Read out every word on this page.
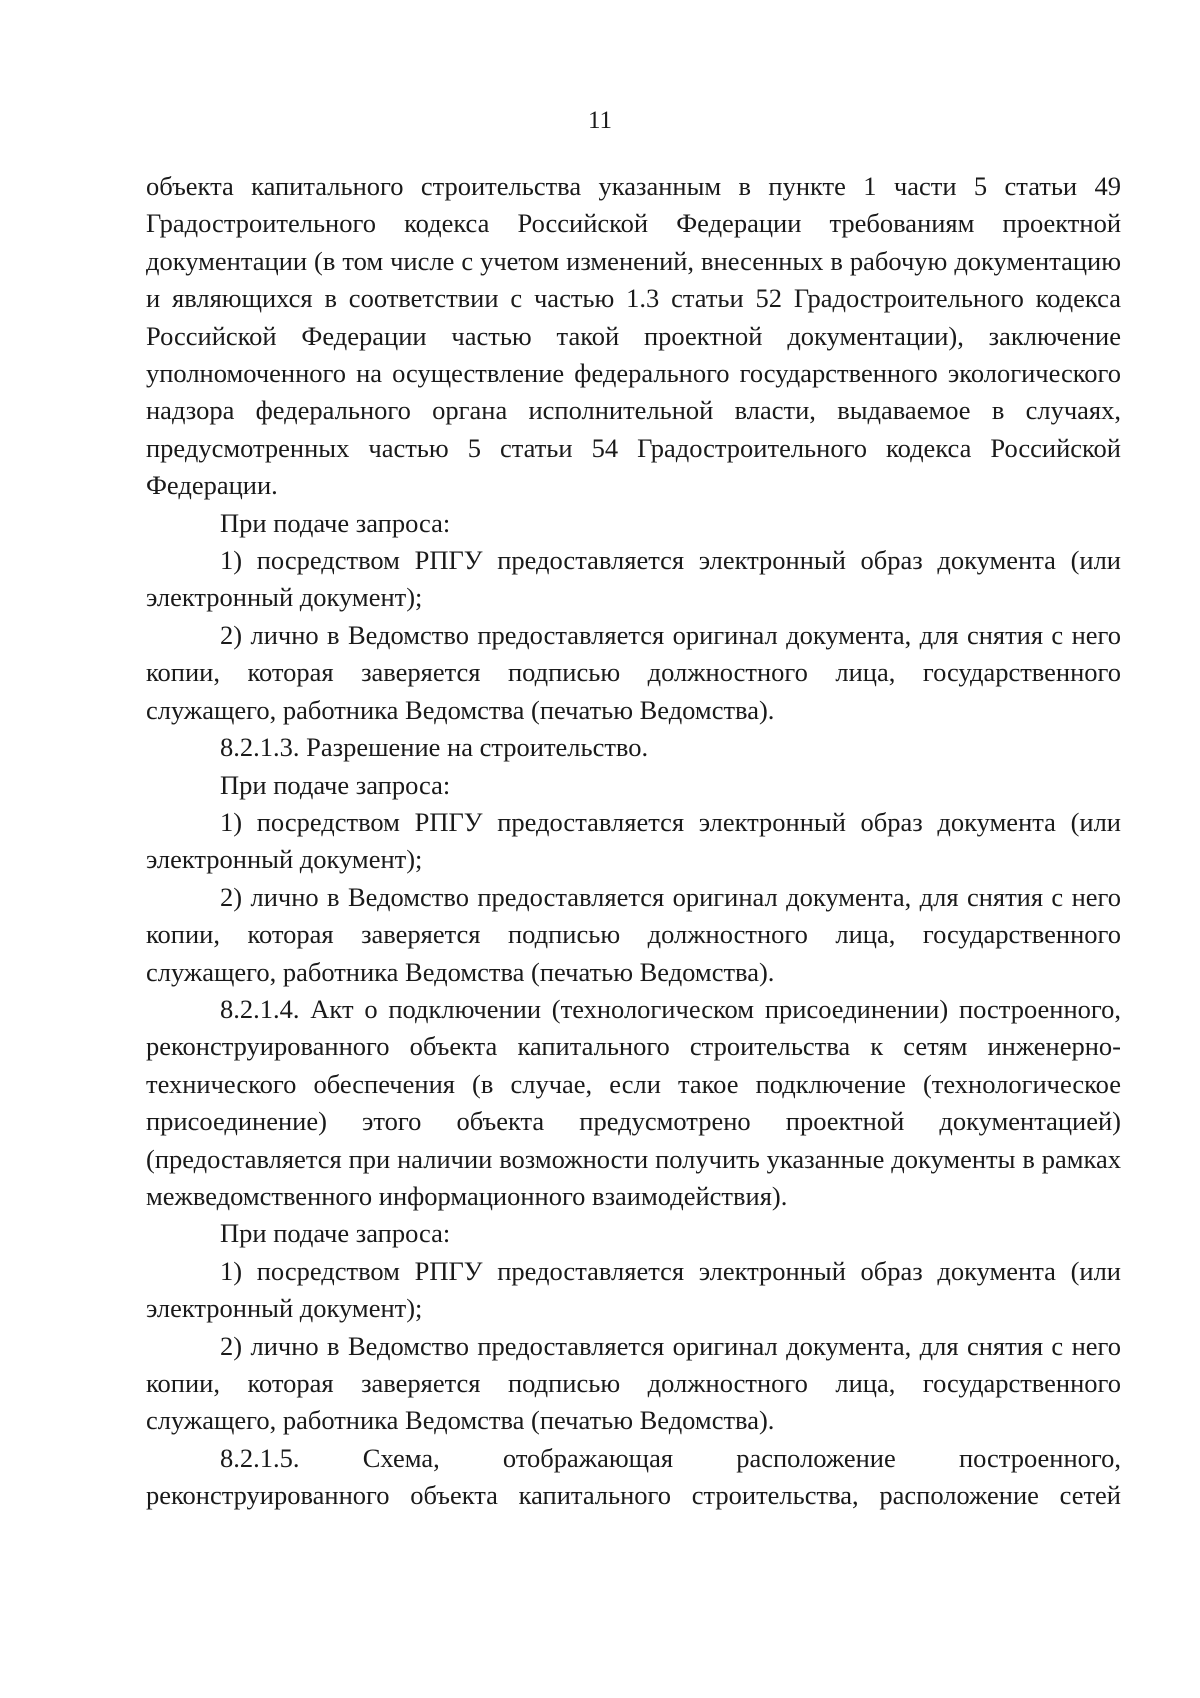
11

объекта капитального строительства указанным в пункте 1 части 5 статьи 49 Градостроительного кодекса Российской Федерации требованиям проектной документации (в том числе с учетом изменений, внесенных в рабочую документацию и являющихся в соответствии с частью 1.3 статьи 52 Градостроительного кодекса Российской Федерации частью такой проектной документации), заключение уполномоченного на осуществление федерального государственного экологического надзора федерального органа исполнительной власти, выдаваемое в случаях, предусмотренных частью 5 статьи 54 Градостроительного кодекса Российской Федерации.

При подаче запроса:

1) посредством РПГУ предоставляется электронный образ документа (или электронный документ);

2) лично в Ведомство предоставляется оригинал документа, для снятия с него копии, которая заверяется подписью должностного лица, государственного служащего, работника Ведомства (печатью Ведомства).

8.2.1.3. Разрешение на строительство.

При подаче запроса:

1) посредством РПГУ предоставляется электронный образ документа (или электронный документ);

2) лично в Ведомство предоставляется оригинал документа, для снятия с него копии, которая заверяется подписью должностного лица, государственного служащего, работника Ведомства (печатью Ведомства).

8.2.1.4. Акт о подключении (технологическом присоединении) построенного, реконструированного объекта капитального строительства к сетям инженерно-технического обеспечения (в случае, если такое подключение (технологическое присоединение) этого объекта предусмотрено проектной документацией) (предоставляется при наличии возможности получить указанные документы в рамках межведомственного информационного взаимодействия).

При подаче запроса:

1) посредством РПГУ предоставляется электронный образ документа (или электронный документ);

2) лично в Ведомство предоставляется оригинал документа, для снятия с него копии, которая заверяется подписью должностного лица, государственного служащего, работника Ведомства (печатью Ведомства).

8.2.1.5. Схема, отображающая расположение построенного, реконструированного объекта капитального строительства, расположение сетей
